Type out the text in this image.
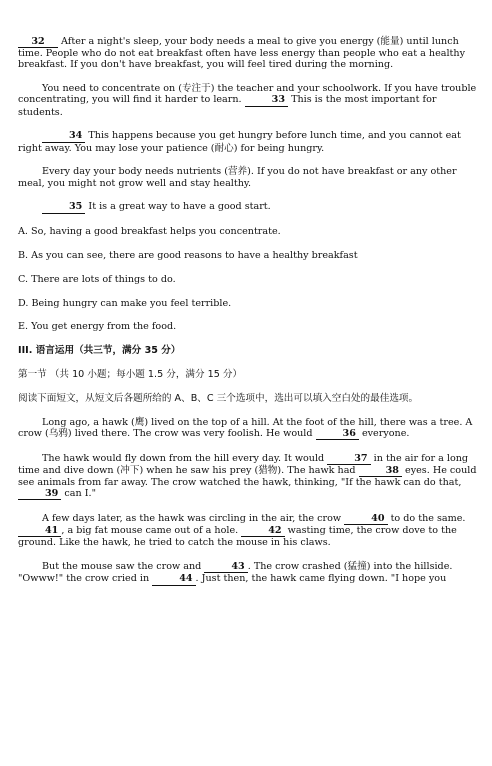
32 After a night's sleep, your body needs a meal to give you energy (能量) until lunch time. People who do not eat breakfast often have less energy than people who eat a healthy breakfast. If you don't have breakfast, you will feel tired during the morning.

You need to concentrate on (专注于) the teacher and your schoolwork. If you have trouble concentrating, you will find it harder to learn.	33 This is the most important for students.

34 This happens because you get hungry before lunch time, and you cannot eat right away. You may lose your patience (耐心) for being hungry.

Every day your body needs nutrients (营养). If you do not have breakfast or any other meal, you might not grow well and stay healthy.

35 It is a great way to have a good start.

A. So, having a good breakfast helps you concentrate.

B. As you can see, there are good reasons to have a healthy breakfast

C. There are lots of things to do.

D. Being hungry can make you feel terrible.

E. You get energy from the food.

III. 语言运用（共三节，满分 35 分）

第一节 （共 10 小题；每小题 1.5 分，满分 15 分）

阅读下面短文，从短文后各题所给的 A、B、C 三个选项中，选出可以填入空白处的最佳选项。

Long ago, a hawk (鹰) lived on the top of a hill. At the foot of the hill, there was a tree. A crow (乌鸦) lived there. The crow was very foolish. He would	36 everyone.

The hawk would fly down from the hill every day. It would	37 in the air for a long time and dive down (冲下) when he saw his prey (猎物). The hawk had	38 eyes. He could see animals from far away. The crow watched the hawk, thinking, "If the hawk can do that, 39 can I."

A few days later, as the hawk was circling in the air, the crow	40 to do the same. 41 , a big fat mouse came out of a hole.	42 wasting time, the crow dove to the ground. Like the hawk, he tried to catch the mouse in his claws.

But the mouse saw the crow and	43 . The crow crashed (猛撞) into the hillside. "Owww!" the crow cried in	44 . Just then, the hawk came flying down. "I hope you
